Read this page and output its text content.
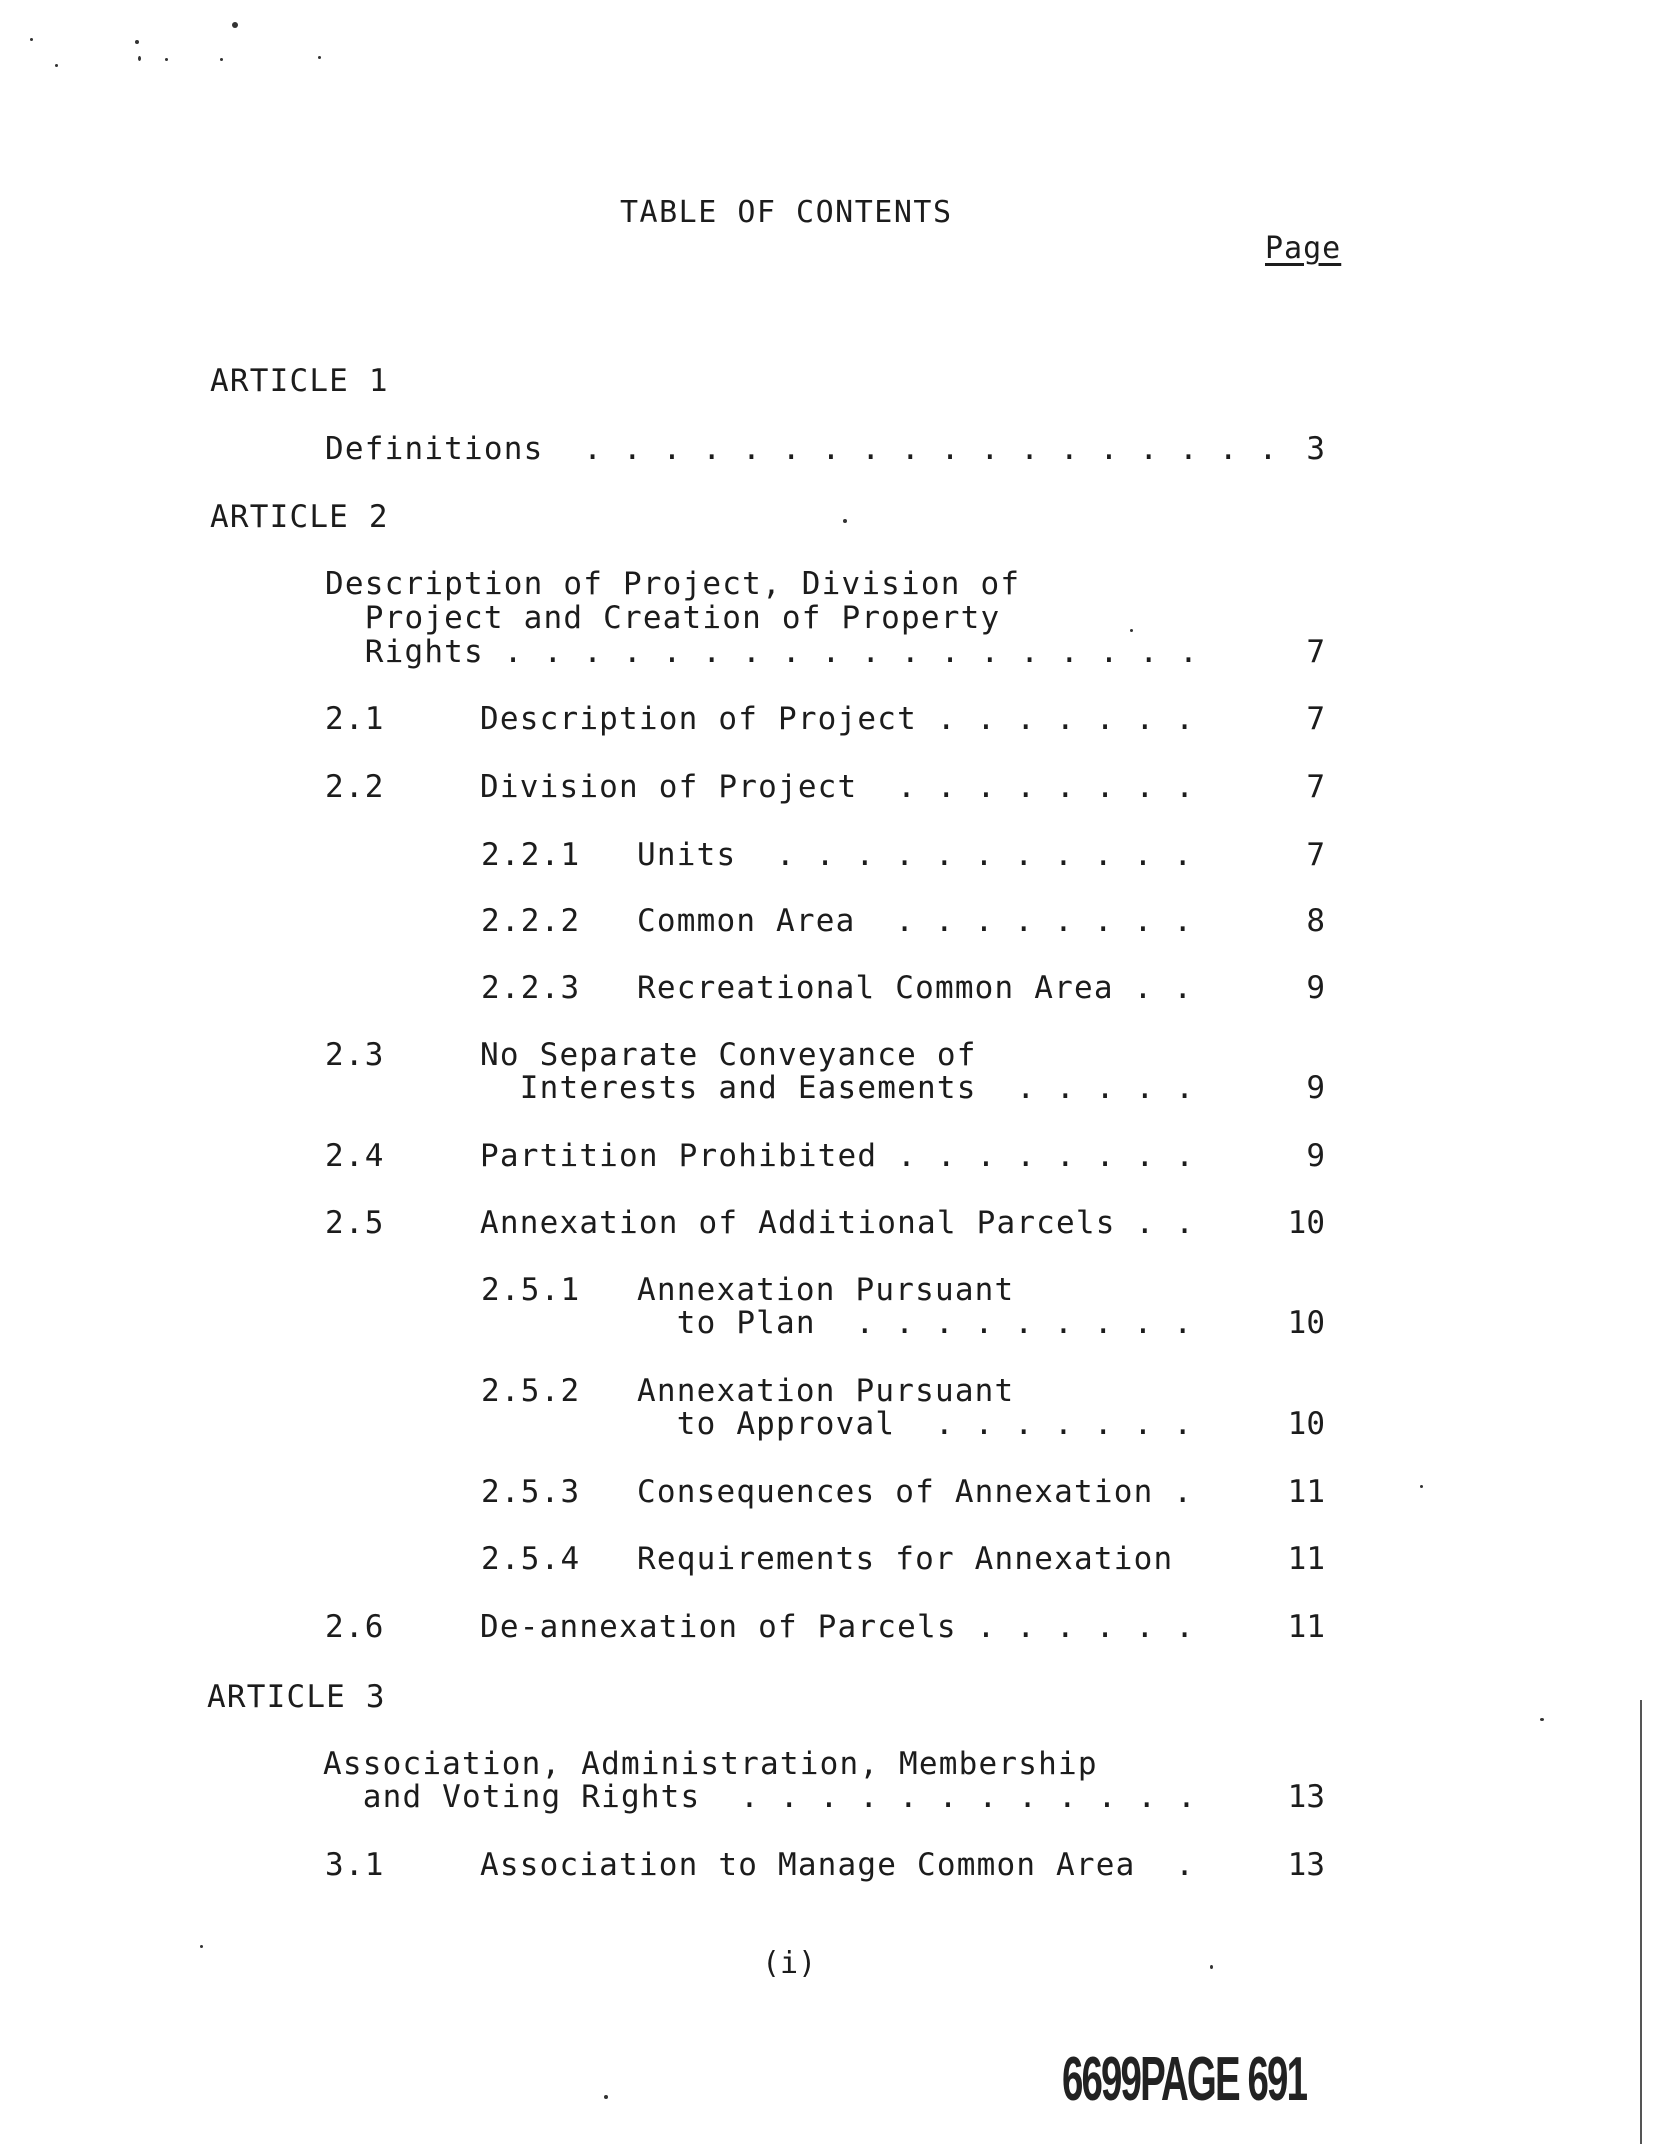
TABLE OF CONTENTS
Page
ARTICLE 1
Definitions  . . . . . . . . . . . . . . . . . . 3
ARTICLE 2
Description of Project, Division of
Project and Creation of Property
Rights . . . . . . . . . . . . . . . . . .	7
2.1	Description of Project . . . . . . .	7
2.2	Division of Project  . . . . . . . .	7
2.2.1 Units  . . . . . . . . . . .	7
2.2.2 Common Area  . . . . . . . .	8
2.2.3 Recreational Common Area . .	9
2.3	No Separate Conveyance of
Interests and Easements  . . . . .	9
2.4	Partition Prohibited . . . . . . . .	9
2.5	Annexation of Additional Parcels . .	10
2.5.1 Annexation Pursuant
to Plan  . . . . . . . . .	10
2.5.2 Annexation Pursuant
to Approval  . . . . . . .	10
2.5.3 Consequences of Annexation .	11
2.5.4 Requirements for Annexation	11
2.6	De-annexation of Parcels . . . . . .	11
ARTICLE 3
Association, Administration, Membership
and Voting Rights  . . . . . . . . . . . .	13
3.1	Association to Manage Common Area  .	13
(i)
6699PAGE 691
